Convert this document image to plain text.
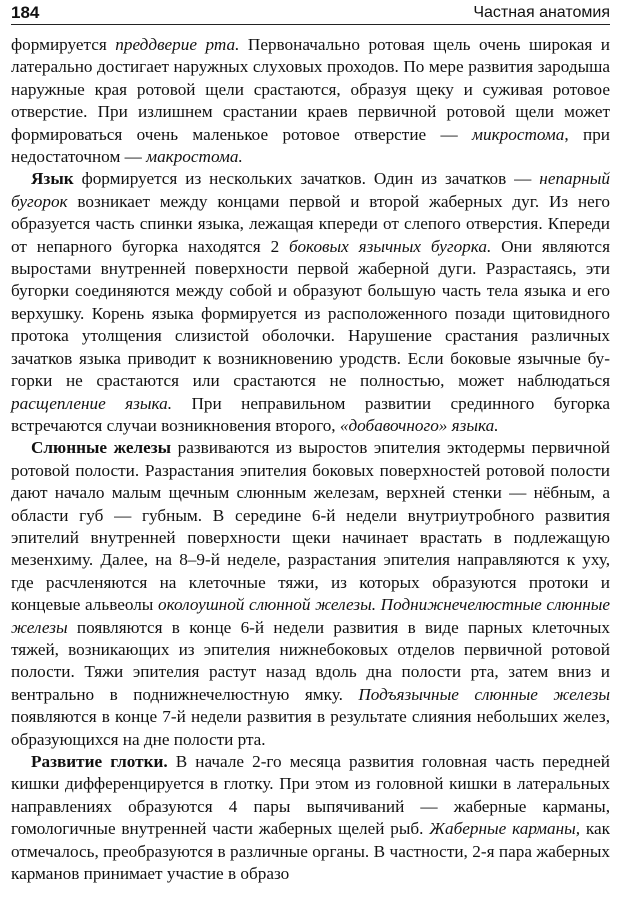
184	Частная анатомия

формируется преддверие рта. Первоначально ротовая щель очень широкая и латерально достигает наружных слуховых проходов. По мере развития зародыша наружные края ротовой щели срастаются, образуя щеку и суживая ротовое отверстие. При излишнем срастании краев первичной ротовой щели может формироваться очень маленькое ротовое отверстие — микростома, при недостаточном — макростома.

Язык формируется из нескольких зачатков. Один из зачатков — непарный бугорок возникает между концами первой и второй жаберных дуг. Из него образуется часть спинки языка, лежащая кпереди от слепого отверстия. Кпереди от непарного бугорка находятся 2 боковых язычных бугорка. Они являются выростами внутренней поверхности первой жаберной дуги. Разрастаясь, эти бугорки соединяются между собой и образуют большую часть тела языка и его верхушку. Корень языка формируется из расположенного позади щитовидного протока утолщения слизистой оболочки. Нарушение срастания различных зачатков языка приводит к возникновению уродств. Если боковые язычные бугорки не срастаются или срастаются не полностью, может наблюдаться расщепление языка. При неправильном развитии срединного бугорка встречаются случаи возникновения второго, «добавочного» языка.

Слюнные железы развиваются из выростов эпителия эктодермы первичной ротовой полости. Разрастания эпителия боковых поверхностей ротовой полости дают начало малым щечным слюнным железам, верхней стенки — нёбным, а области губ — губным. В середине 6-й недели внутриутробного развития эпителий внутренней поверхности щеки начинает врастать в подлежащую мезенхиму. Далее, на 8–9-й неделе, разрастания эпителия направляются к уху, где расчленяются на клеточные тяжи, из которых образуются протоки и концевые альвеолы околоушной слюнной железы. Поднижнечелюстные слюнные железы появляются в конце 6-й недели развития в виде парных клеточных тяжей, возникающих из эпителия нижнебоковых отделов первичной ротовой полости. Тяжи эпителия растут назад вдоль дна полости рта, затем вниз и вентрально в поднижнечелюстную ямку. Подъязычные слюнные железы появляются в конце 7-й недели развития в результате слияния небольших желез, образующихся на дне полости рта.

Развитие глотки. В начале 2-го месяца развития головная часть передней кишки дифференцируется в глотку. При этом из головной кишки в латеральных направлениях образуются 4 пары выпячиваний — жаберные карманы, гомологичные внутренней части жаберных щелей рыб. Жаберные карманы, как отмечалось, преобразуются в различные органы. В частности, 2-я пара жаберных карманов принимает участие в образо
